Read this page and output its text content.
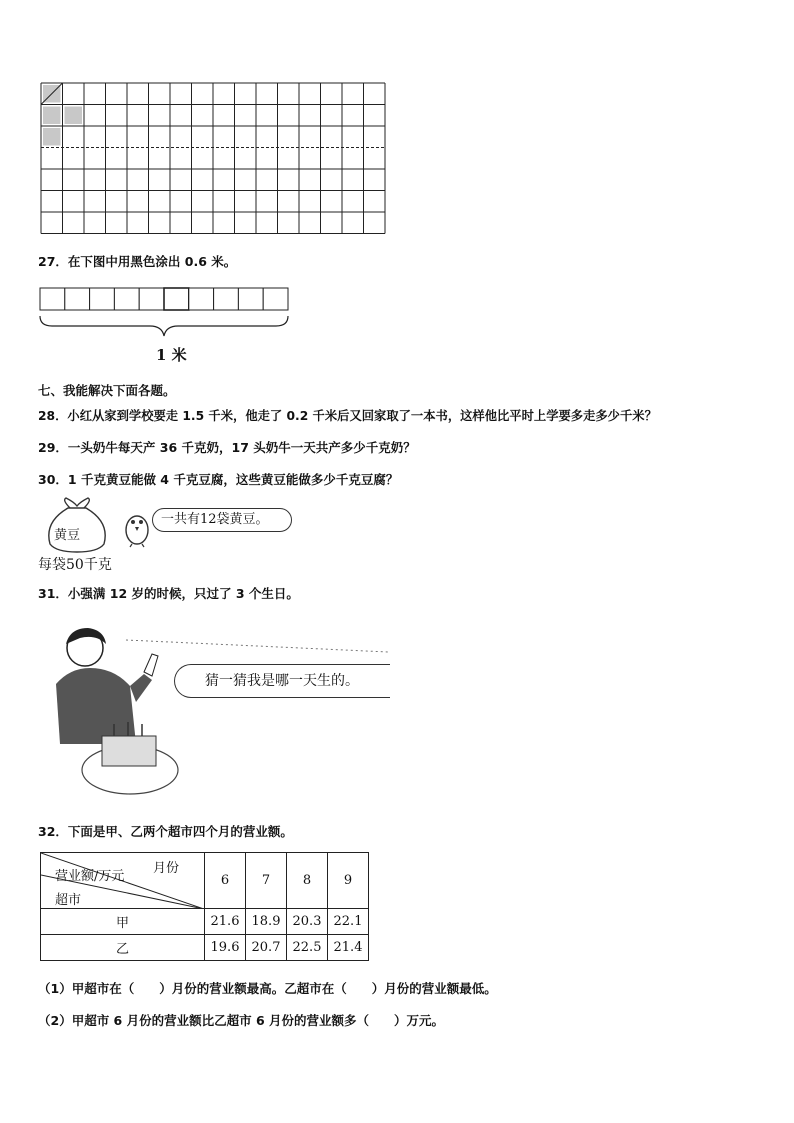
27．在下图中用黑色涂出 0.6 米。
1 米
七、我能解决下面各题。
28．小红从家到学校要走 1.5 千米，他走了 0.2 千米后又回家取了一本书，这样他比平时上学要多走多少千米？
29．一头奶牛每天产 36 千克奶，17 头奶牛一天共产多少千克奶？
30．1 千克黄豆能做 4 千克豆腐，这些黄豆能做多少千克豆腐？
黄豆
一共有12袋黄豆。
每袋50千克
31．小强满 12 岁的时候，只过了 3 个生日。
猜一猜我是哪一天生的。
32．下面是甲、乙两个超市四个月的营业额。
月份
营业额/万元
超市	6	7	8	9
甲	21.6	18.9	20.3	22.1
乙	19.6	20.7	22.5	21.4
（1）甲超市在（　　）月份的营业额最高。乙超市在（　　）月份的营业额最低。
（2）甲超市 6 月份的营业额比乙超市 6 月份的营业额多（　　）万元。
